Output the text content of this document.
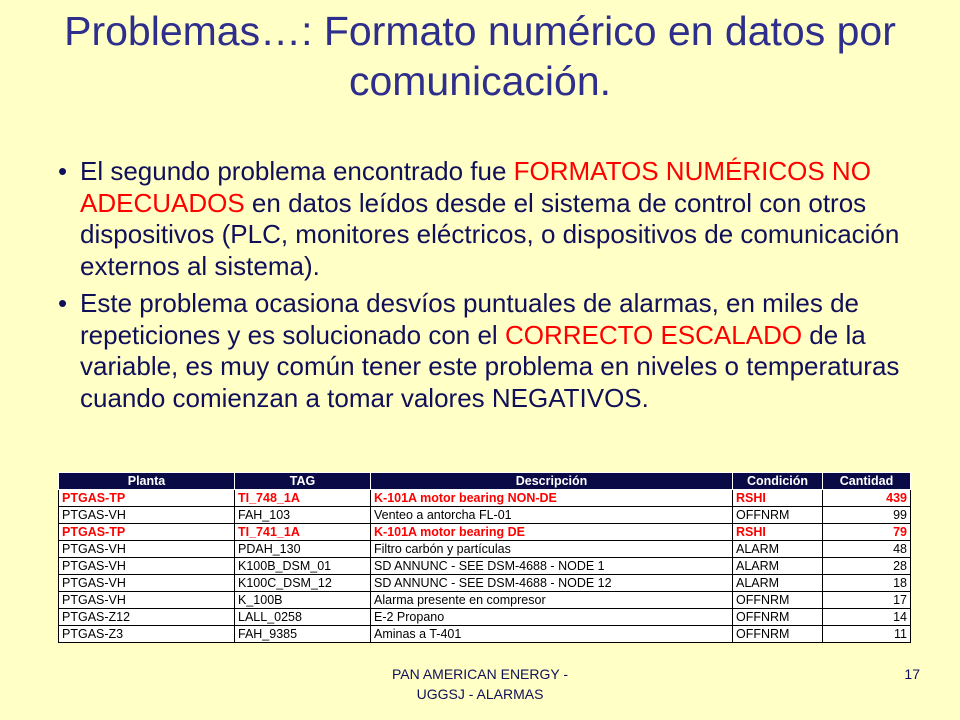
Problemas…: Formato numérico en datos por comunicación.
• El segundo problema encontrado fue FORMATOS NUMÉRICOS NO ADECUADOS en datos leídos desde el sistema de control con otros dispositivos (PLC, monitores eléctricos, o dispositivos de comunicación externos al sistema).
• Este problema ocasiona desvíos puntuales de alarmas, en miles de repeticiones y es solucionado con el CORRECTO ESCALADO de la variable, es muy común tener este problema en niveles o temperaturas cuando comienzan a tomar valores NEGATIVOS.
Planta	TAG	Descripción	Condición	Cantidad
PTGAS-TP	TI_748_1A	K-101A motor bearing NON-DE	RSHI	439
PTGAS-VH	FAH_103	Venteo a antorcha FL-01	OFFNRM	99
PTGAS-TP	TI_741_1A	K-101A motor bearing DE	RSHI	79
PTGAS-VH	PDAH_130	Filtro carbón y partículas	ALARM	48
PTGAS-VH	K100B_DSM_01	SD ANNUNC - SEE DSM-4688 - NODE 1	ALARM	28
PTGAS-VH	K100C_DSM_12	SD ANNUNC - SEE DSM-4688 - NODE 12	ALARM	18
PTGAS-VH	K_100B	Alarma presente en compresor	OFFNRM	17
PTGAS-Z12	LALL_0258	E-2 Propano	OFFNRM	14
PTGAS-Z3	FAH_9385	Aminas a T-401	OFFNRM	11
PAN AMERICAN ENERGY -
UGGSJ - ALARMAS
17
